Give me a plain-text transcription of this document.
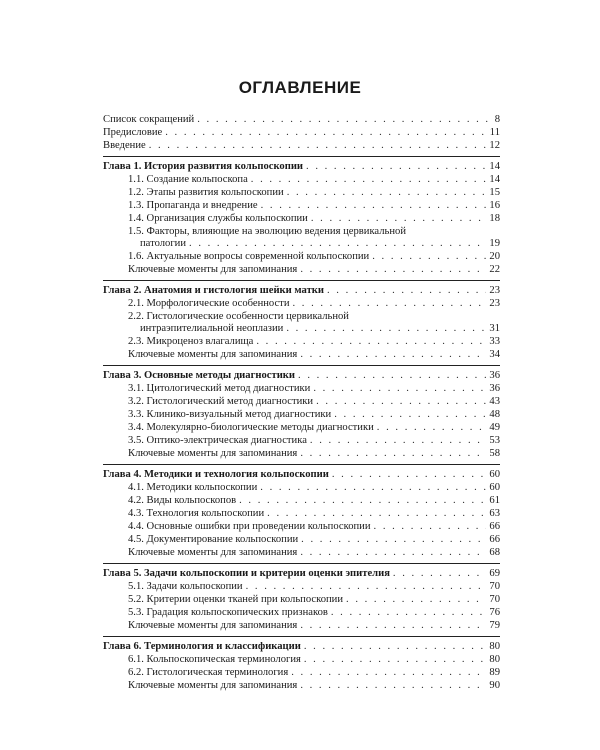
ОГЛАВЛЕНИЕ
Список сокращений . . .	8
Предисловие . . .	11
Введение . . .	12
Глава 1. История развития кольпоскопии . . .	14
1.1. Создание кольпоскопа . . .	14
1.2. Этапы развития кольпоскопии . . .	15
1.3. Пропаганда и внедрение . . .	16
1.4. Организация службы кольпоскопии . . .	18
1.5. Факторы, влияющие на эволюцию ведения цервикальной
патологии . . .	19
1.6. Актуальные вопросы современной кольпоскопии . . .	20
Ключевые моменты для запоминания . . .	22
Глава 2. Анатомия и гистология шейки матки . . .	23
2.1. Морфологические особенности . . .	23
2.2. Гистологические особенности цервикальной
интраэпителиальной неоплазии . . .	31
2.3. Микроценоз влагалища . . .	33
Ключевые моменты для запоминания . . .	34
Глава 3. Основные методы диагностики . . .	36
3.1. Цитологический метод диагностики . . .	36
3.2. Гистологический метод диагностики . . .	43
3.3. Клинико-визуальный метод диагностики . . .	48
3.4. Молекулярно-биологические методы диагностики . . .	49
3.5. Оптико-электрическая диагностика . . .	53
Ключевые моменты для запоминания . . .	58
Глава 4. Методики и технология кольпоскопии . . .	60
4.1. Методики кольпоскопии . . .	60
4.2. Виды кольпоскопов . . .	61
4.3. Технология кольпоскопии . . .	63
4.4. Основные ошибки при проведении кольпоскопии . . .	66
4.5. Документирование кольпоскопии . . .	66
Ключевые моменты для запоминания . . .	68
Глава 5. Задачи кольпоскопии и критерии оценки эпителия . . .	69
5.1. Задачи кольпоскопии . . .	70
5.2. Критерии оценки тканей при кольпоскопии . . .	70
5.3. Градация кольпоскопических признаков . . .	76
Ключевые моменты для запоминания . . .	79
Глава 6. Терминология и классификации . . .	80
6.1. Кольпоскопическая терминология . . .	80
6.2. Гистологическая терминология . . .	89
Ключевые моменты для запоминания . . .	90
